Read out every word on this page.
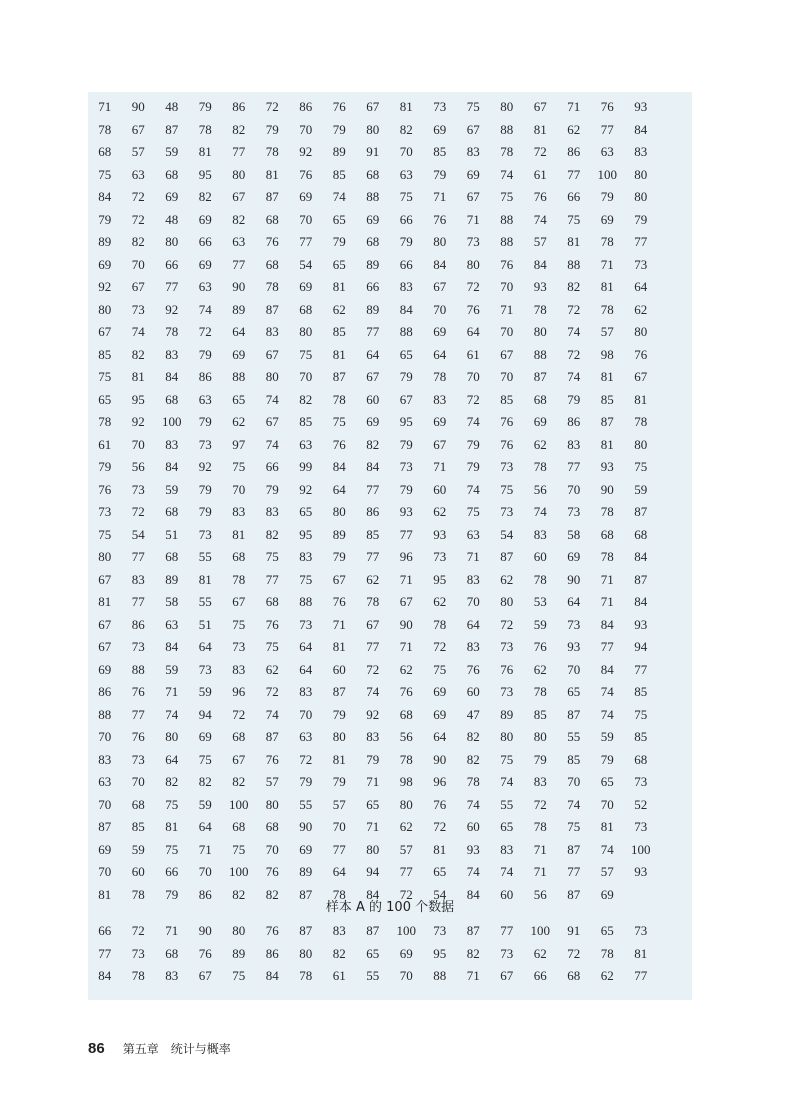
71	90	48	79	86	72	86	76	67	81	73	75	80	67	71	76	93
78	67	87	78	82	79	70	79	80	82	69	67	88	81	62	77	84
68	57	59	81	77	78	92	89	91	70	85	83	78	72	86	63	83
75	63	68	95	80	81	76	85	68	63	79	69	74	61	77	100	80
84	72	69	82	67	87	69	74	88	75	71	67	75	76	66	79	80
79	72	48	69	82	68	70	65	69	66	76	71	88	74	75	69	79
89	82	80	66	63	76	77	79	68	79	80	73	88	57	81	78	77
69	70	66	69	77	68	54	65	89	66	84	80	76	84	88	71	73
92	67	77	63	90	78	69	81	66	83	67	72	70	93	82	81	64
80	73	92	74	89	87	68	62	89	84	70	76	71	78	72	78	62
67	74	78	72	64	83	80	85	77	88	69	64	70	80	74	57	80
85	82	83	79	69	67	75	81	64	65	64	61	67	88	72	98	76
75	81	84	86	88	80	70	87	67	79	78	70	70	87	74	81	67
65	95	68	63	65	74	82	78	60	67	83	72	85	68	79	85	81
78	92	100	79	62	67	85	75	69	95	69	74	76	69	86	87	78
61	70	83	73	97	74	63	76	82	79	67	79	76	62	83	81	80
79	56	84	92	75	66	99	84	84	73	71	79	73	78	77	93	75
76	73	59	79	70	79	92	64	77	79	60	74	75	56	70	90	59
73	72	68	79	83	83	65	80	86	93	62	75	73	74	73	78	87
75	54	51	73	81	82	95	89	85	77	93	63	54	83	58	68	68
80	77	68	55	68	75	83	79	77	96	73	71	87	60	69	78	84
67	83	89	81	78	77	75	67	62	71	95	83	62	78	90	71	87
81	77	58	55	67	68	88	76	78	67	62	70	80	53	64	71	84
67	86	63	51	75	76	73	71	67	90	78	64	72	59	73	84	93
67	73	84	64	73	75	64	81	77	71	72	83	73	76	93	77	94
69	88	59	73	83	62	64	60	72	62	75	76	76	62	70	84	77
86	76	71	59	96	72	83	87	74	76	69	60	73	78	65	74	85
88	77	74	94	72	74	70	79	92	68	69	47	89	85	87	74	75
70	76	80	69	68	87	63	80	83	56	64	82	80	80	55	59	85
83	73	64	75	67	76	72	81	79	78	90	82	75	79	85	79	68
63	70	82	82	82	57	79	79	71	98	96	78	74	83	70	65	73
70	68	75	59	100	80	55	57	65	80	76	74	55	72	74	70	52
87	85	81	64	68	68	90	70	71	62	72	60	65	78	75	81	73
69	59	75	71	75	70	69	77	80	57	81	93	83	71	87	74	100
70	60	66	70	100	76	89	64	94	77	65	74	74	71	77	57	93
81	78	79	86	82	82	87	78	84	72	54	84	60	56	87	69
样本 A 的 100 个数据
66	72	71	90	80	76	87	83	87	100	73	87	77	100	91	65	73
77	73	68	76	89	86	80	82	65	69	95	82	73	62	72	78	81
84	78	83	67	75	84	78	61	55	70	88	71	67	66	68	62	77
86 第五章 统计与概率
